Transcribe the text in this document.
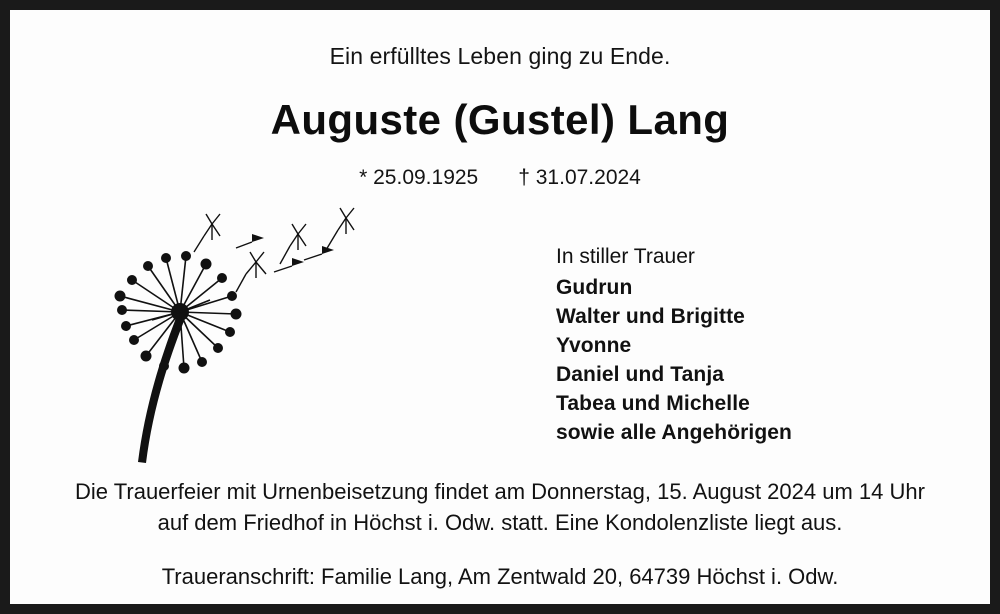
Ein erfülltes Leben ging zu Ende.
Auguste (Gustel) Lang
* 25.09.1925 † 31.07.2024
In stiller Trauer
Gudrun
Walter und Brigitte
Yvonne
Daniel und Tanja
Tabea und Michelle
sowie alle Angehörigen
Die Trauerfeier mit Urnenbeisetzung findet am Donnerstag, 15. August 2024 um 14 Uhr
auf dem Friedhof in Höchst i. Odw. statt. Eine Kondolenzliste liegt aus.
Traueranschrift: Familie Lang, Am Zentwald 20, 64739 Höchst i. Odw.
